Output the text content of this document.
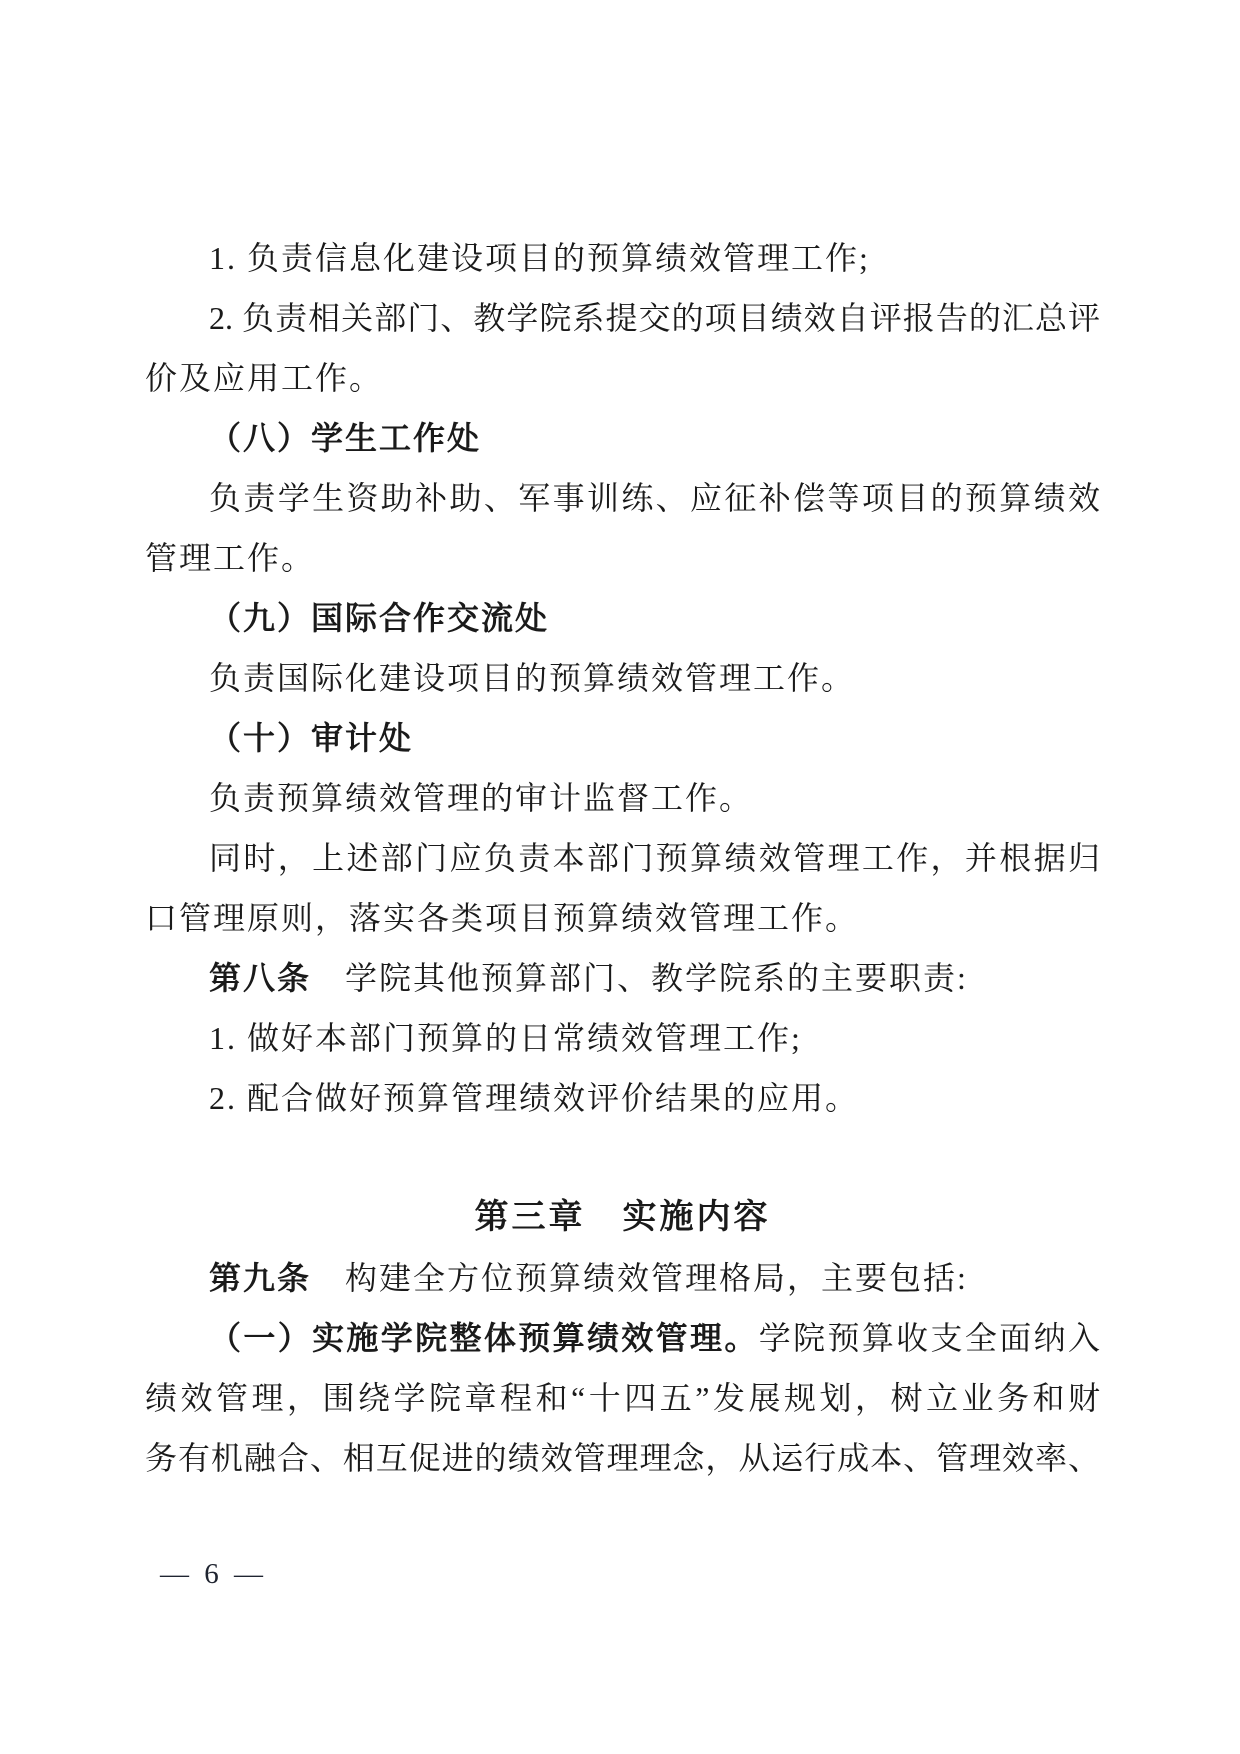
1. 负责信息化建设项目的预算绩效管理工作;
2. 负责相关部门、教学院系提交的项目绩效自评报告的汇总评
价及应用工作。
（八）学生工作处
负责学生资助补助、军事训练、应征补偿等项目的预算绩效
管理工作。
（九）国际合作交流处
负责国际化建设项目的预算绩效管理工作。
（十）审计处
负责预算绩效管理的审计监督工作。
同时，上述部门应负责本部门预算绩效管理工作，并根据归
口管理原则，落实各类项目预算绩效管理工作。
第八条　学院其他预算部门、教学院系的主要职责:
1. 做好本部门预算的日常绩效管理工作;
2. 配合做好预算管理绩效评价结果的应用。
第三章　实施内容
第九条　构建全方位预算绩效管理格局，主要包括:
（一）实施学院整体预算绩效管理。学院预算收支全面纳入
绩效管理，围绕学院章程和“十四五”发展规划，树立业务和财
务有机融合、相互促进的绩效管理理念，从运行成本、管理效率、
— 6 —
